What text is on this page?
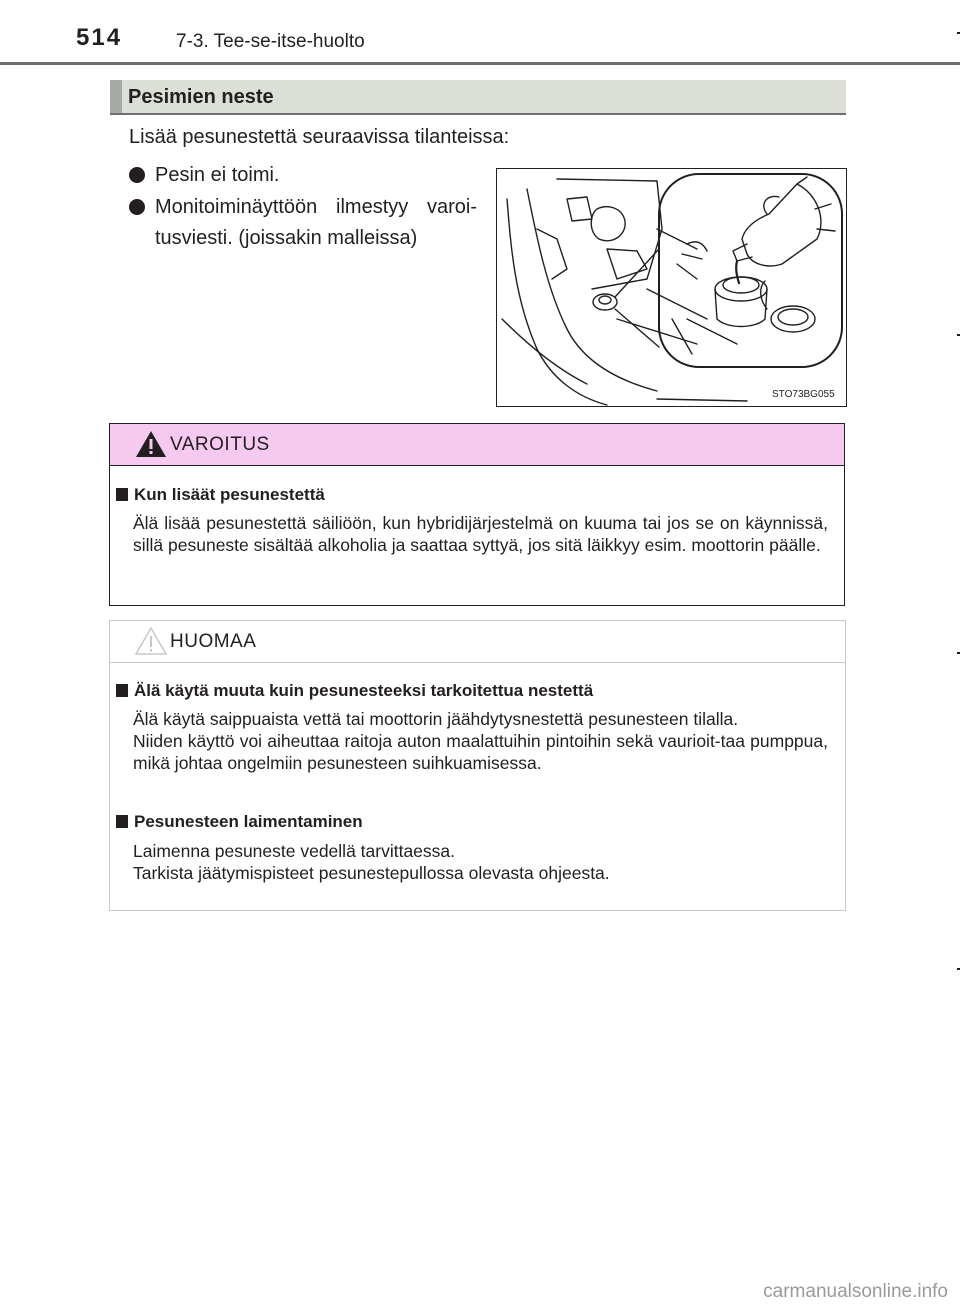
514	7-3. Tee-se-itse-huolto
Pesimien neste
Lisää pesunestettä seuraavissa tilanteissa:
Pesin ei toimi.
Monitoiminäyttöön ilmestyy varoi-tusviesti. (joissakin malleissa)
STO73BG055
VAROITUS
Kun lisäät pesunestettä

Älä lisää pesunestettä säiliöön, kun hybridijärjestelmä on kuuma tai jos se on käynnissä, sillä pesuneste sisältää alkoholia ja saattaa syttyä, jos sitä läikkyy esim. moottorin päälle.

HUOMAA
Älä käytä muuta kuin pesunesteeksi tarkoitettua nestettä

Älä käytä saippuaista vettä tai moottorin jäähdytysnestettä pesunesteen tilalla.

Niiden käyttö voi aiheuttaa raitoja auton maalattuihin pintoihin sekä vaurioit-taa pumppua, mikä johtaa ongelmiin pesunesteen suihkuamisessa.

Pesunesteen laimentaminen

Laimenna pesuneste vedellä tarvittaessa.

Tarkista jäätymispisteet pesunestepullossa olevasta ohjeesta.

carmanualsonline.info
